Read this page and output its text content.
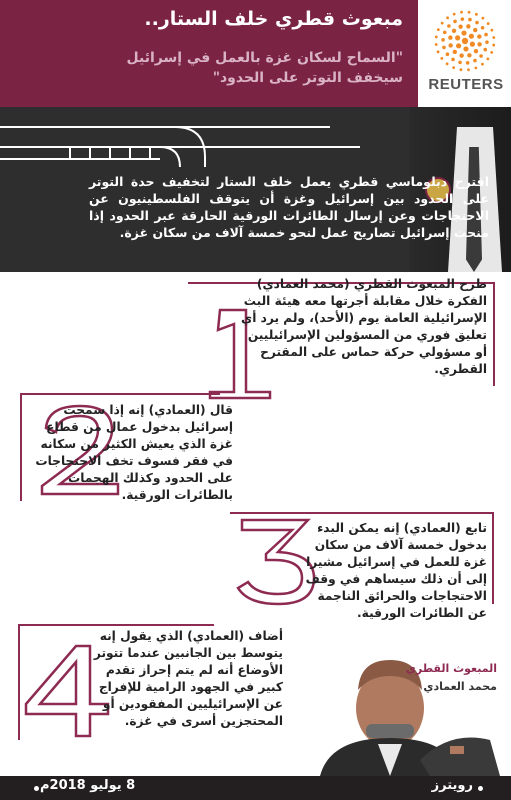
مبعوث قطري خلف الستار..
"السماح لسكان غزة بالعمل في إسرائيل
سيخفف التوتر على الحدود" REUTERS
اقترح دبلوماسي قطري يعمل خلف الستار لتخفيف حدة التوتر على الحدود بين إسرائيل وغزة أن يتوقف الفلسطينيون عن الاحتجاجات وعن إرسال الطائرات الورقية الحارقة عبر الحدود إذا منحت إسرائيل تصاريح عمل لنحو خمسة آلاف من سكان غزة.
طرح المبعوث القطري (محمد العمادي) الفكرة خلال مقابلة أجرتها معه هيئة البث الإسرائيلية العامة يوم (الأحد)، ولم يرد أي تعليق فوري من المسؤولين الإسرائيليين أو مسؤولي حركة حماس على المقترح القطري.
قال (العمادي) إنه إذا سمحت إسرائيل بدخول عمال من قطاع غزة الذي يعيش الكثير من سكانه في فقر فسوف تخف الاحتجاجات على الحدود وكذلك الهجمات بالطائرات الورقية.
تابع (العمادي) إنه يمكن البدء بدخول خمسة آلاف من سكان غزة للعمل في إسرائيل مشيرا إلى أن ذلك سيساهم في وقف الاحتجاجات والحرائق الناجمة عن الطائرات الورقية.
أضاف (العمادي) الذي يقول إنه يتوسط بين الجانبين عندما تتوتر الأوضاع أنه لم يتم إحراز تقدم كبير في الجهود الرامية للإفراج عن الإسرائيليين المفقودين أو المحتجزين أسرى في غزة.
المبعوث القطري
محمد العمادي
رويترز
8 يوليو 2018م
